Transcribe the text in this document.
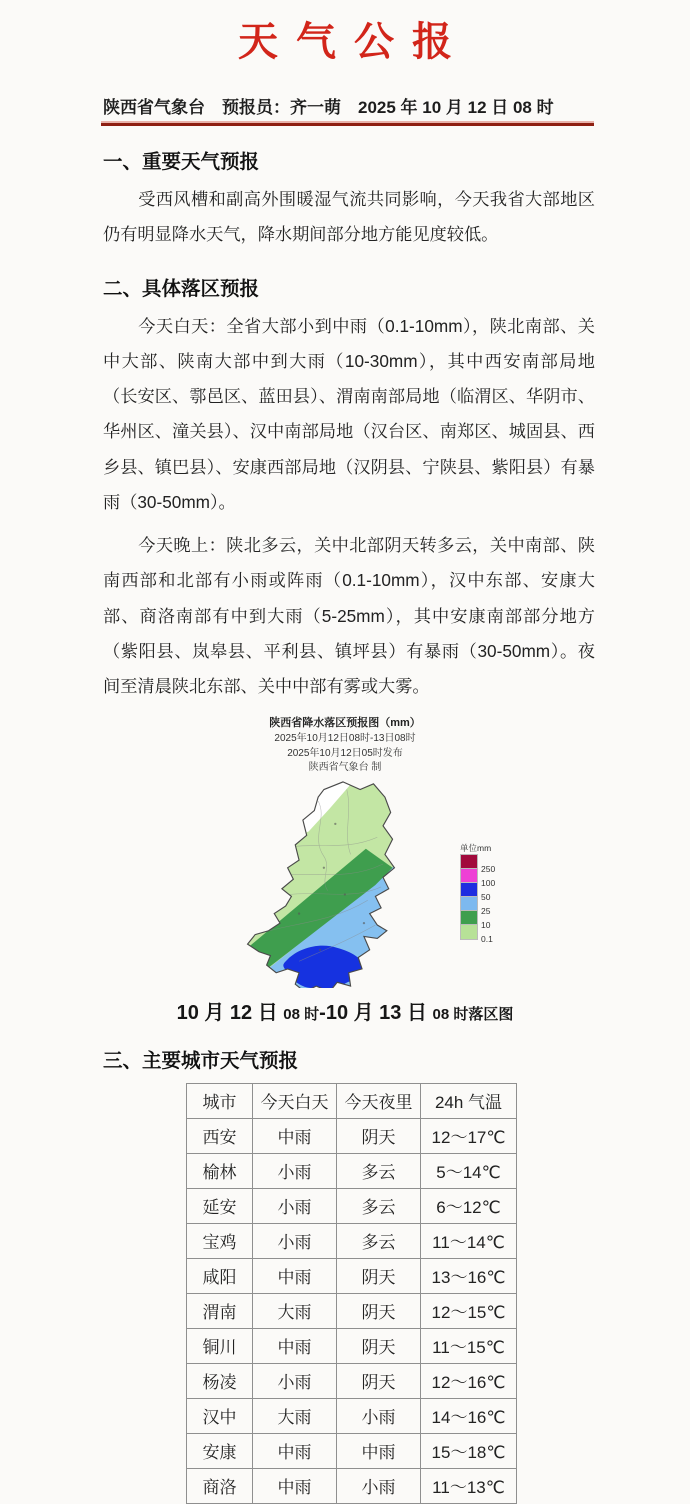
天气公报
陕西省气象台　预报员：齐一萌　2025 年 10 月 12 日 08 时
一、重要天气预报
受西风槽和副高外围暖湿气流共同影响，今天我省大部地区仍有明显降水天气，降水期间部分地方能见度较低。
二、具体落区预报
今天白天：全省大部小到中雨（0.1-10mm），陕北南部、关中大部、陕南大部中到大雨（10-30mm），其中西安南部局地（长安区、鄠邑区、蓝田县）、渭南南部局地（临渭区、华阴市、华州区、潼关县）、汉中南部局地（汉台区、南郑区、城固县、西乡县、镇巴县）、安康西部局地（汉阴县、宁陕县、紫阳县）有暴雨（30-50mm）。
今天晚上：陕北多云，关中北部阴天转多云，关中南部、陕南西部和北部有小雨或阵雨（0.1-10mm），汉中东部、安康大部、商洛南部有中到大雨（5-25mm），其中安康南部部分地方（紫阳县、岚皋县、平利县、镇坪县）有暴雨（30-50mm）。夜间至清晨陕北东部、关中中部有雾或大雾。
陕西省降水落区预报图（mm）
2025年10月12日08时-13日08时
2025年10月12日05时发布
陕西省气象台 制
单位mm
250
100
50
25
10
0.1
10 月 12 日 08 时-10 月 13 日 08 时落区图
三、主要城市天气预报
城市	今天白天	今天夜里	24h 气温
西安	中雨	阴天	12～17℃
榆林	小雨	多云	5～14℃
延安	小雨	多云	6～12℃
宝鸡	小雨	多云	11～14℃
咸阳	中雨	阴天	13～16℃
渭南	大雨	阴天	12～15℃
铜川	中雨	阴天	11～15℃
杨凌	小雨	阴天	12～16℃
汉中	大雨	小雨	14～16℃
安康	中雨	中雨	15～18℃
商洛	中雨	小雨	11～13℃
